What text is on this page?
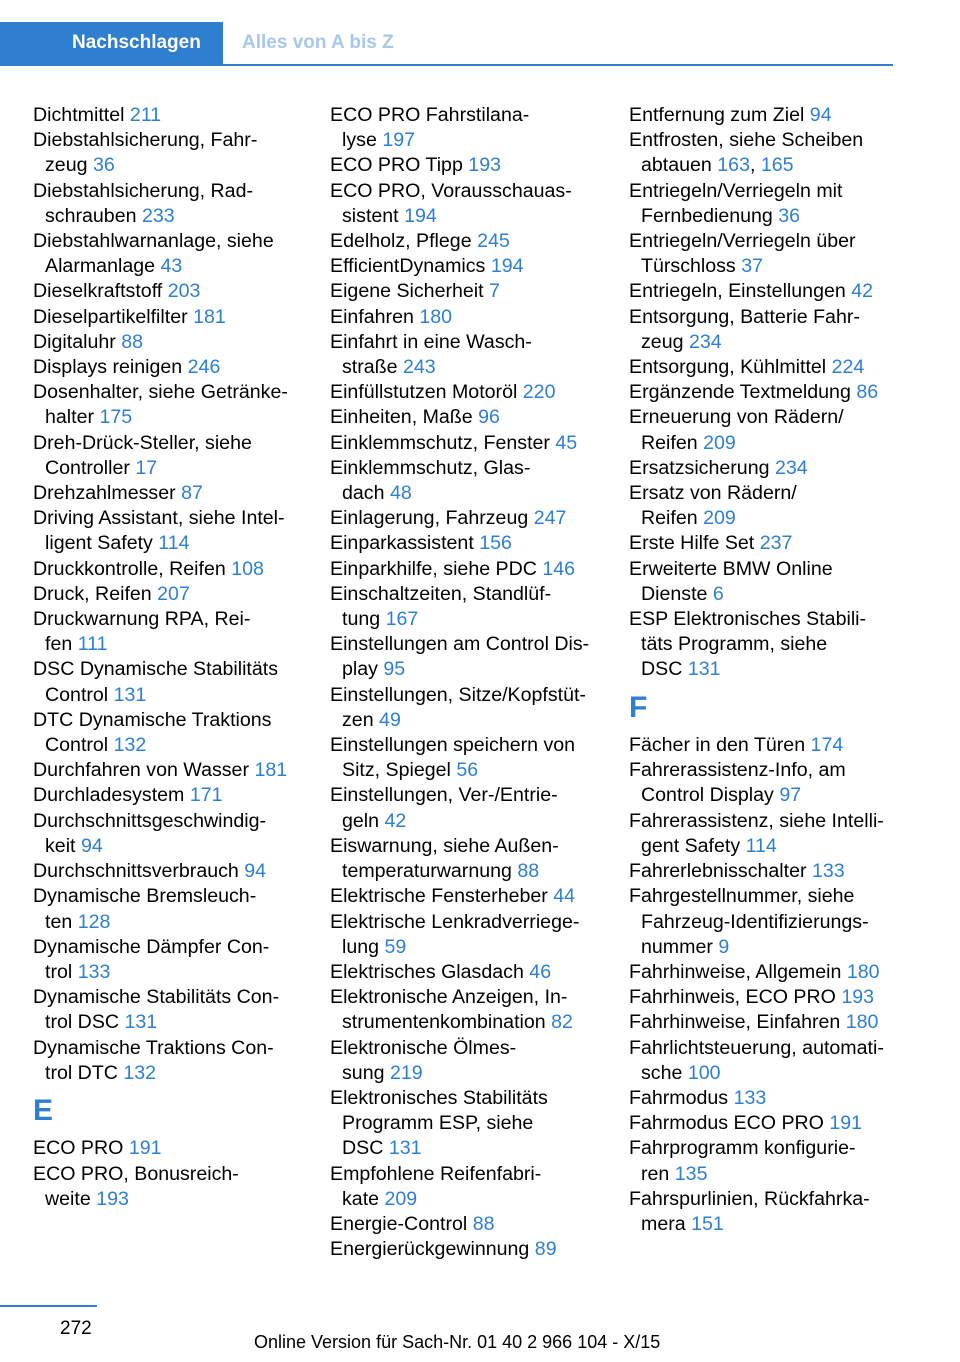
Nachschlagen Alles von A bis Z
Dichtmittel 211
Diebstahlsicherung, Fahr-
zeug 36
Diebstahlsicherung, Rad-
schrauben 233
Diebstahlwarnanlage, siehe
Alarmanlage 43
Dieselkraftstoff 203
Dieselpartikelfilter 181
Digitaluhr 88
Displays reinigen 246
Dosenhalter, siehe Getränke-
halter 175
Dreh-Drück-Steller, siehe
Controller 17
Drehzahlmesser 87
Driving Assistant, siehe Intel-
ligent Safety 114
Druckkontrolle, Reifen 108
Druck, Reifen 207
Druckwarnung RPA, Rei-
fen 111
DSC Dynamische Stabilitäts
Control 131
DTC Dynamische Traktions
Control 132
Durchfahren von Wasser 181
Durchladesystem 171
Durchschnittsgeschwindig-
keit 94
Durchschnittsverbrauch 94
Dynamische Bremsleuch-
ten 128
Dynamische Dämpfer Con-
trol 133
Dynamische Stabilitäts Con-
trol DSC 131
Dynamische Traktions Con-
trol DTC 132
E
ECO PRO 191
ECO PRO, Bonusreich-
weite 193
ECO PRO Fahrstilana-
lyse 197
ECO PRO Tipp 193
ECO PRO, Vorausschauas-
sistent 194
Edelholz, Pflege 245
EfficientDynamics 194
Eigene Sicherheit 7
Einfahren 180
Einfahrt in eine Wasch-
straße 243
Einfüllstutzen Motoröl 220
Einheiten, Maße 96
Einklemmschutz, Fenster 45
Einklemmschutz, Glas-
dach 48
Einlagerung, Fahrzeug 247
Einparkassistent 156
Einparkhilfe, siehe PDC 146
Einschaltzeiten, Standlüf-
tung 167
Einstellungen am Control Dis-
play 95
Einstellungen, Sitze/Kopfstüt-
zen 49
Einstellungen speichern von
Sitz, Spiegel 56
Einstellungen, Ver-/Entrie-
geln 42
Eiswarnung, siehe Außen-
temperaturwarnung 88
Elektrische Fensterheber 44
Elektrische Lenkradverriege-
lung 59
Elektrisches Glasdach 46
Elektronische Anzeigen, In-
strumentenkombination 82
Elektronische Ölmes-
sung 219
Elektronisches Stabilitäts
Programm ESP, siehe
DSC 131
Empfohlene Reifenfabri-
kate 209
Energie-Control 88
Energierückgewinnung 89
Entfernung zum Ziel 94
Entfrosten, siehe Scheiben
abtauen 163, 165
Entriegeln/Verriegeln mit
Fernbedienung 36
Entriegeln/Verriegeln über
Türschloss 37
Entriegeln, Einstellungen 42
Entsorgung, Batterie Fahr-
zeug 234
Entsorgung, Kühlmittel 224
Ergänzende Textmeldung 86
Erneuerung von Rädern/
Reifen 209
Ersatzsicherung 234
Ersatz von Rädern/
Reifen 209
Erste Hilfe Set 237
Erweiterte BMW Online
Dienste 6
ESP Elektronisches Stabili-
täts Programm, siehe
DSC 131
F
Fächer in den Türen 174
Fahrerassistenz-Info, am
Control Display 97
Fahrerassistenz, siehe Intelli-
gent Safety 114
Fahrerlebnisschalter 133
Fahrgestellnummer, siehe
Fahrzeug-Identifizierungs-
nummer 9
Fahrhinweise, Allgemein 180
Fahrhinweis, ECO PRO 193
Fahrhinweise, Einfahren 180
Fahrlichtsteuerung, automati-
sche 100
Fahrmodus 133
Fahrmodus ECO PRO 191
Fahrprogramm konfigurie-
ren 135
Fahrspurlinien, Rückfahrka-
mera 151
272
Online Version für Sach-Nr. 01 40 2 966 104 - X/15
